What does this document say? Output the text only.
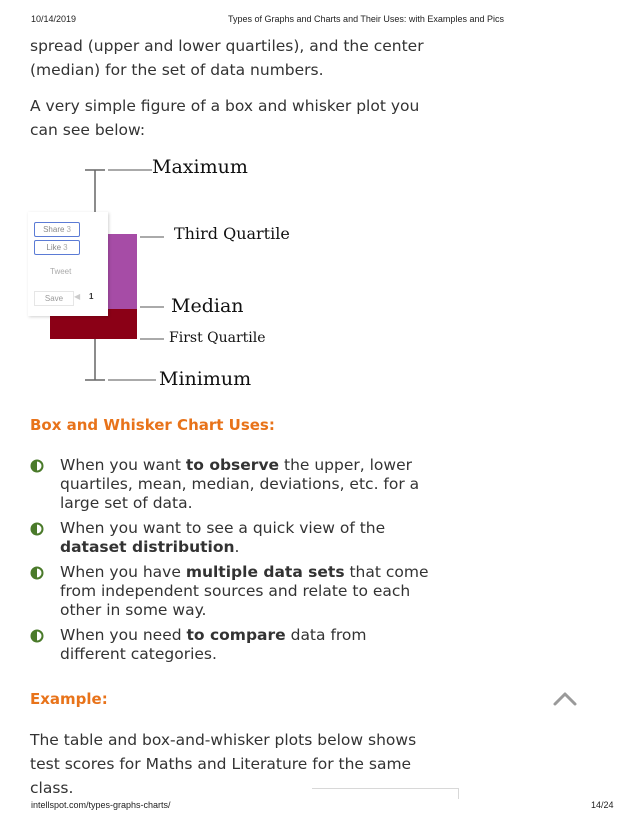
10/14/2019	Types of Graphs and Charts and Their Uses: with Examples and Pics

spread (upper and lower quartiles), and the center (median) for the set of data numbers.

A very simple figure of a box and whisker plot you can see below:

Maximum
Third Quartile
Median
First Quartile
Minimum
Share 3
Like 3
Tweet
Save	◀ 1
Box and Whisker Chart Uses:
When you want to observe the upper, lower quartiles, mean, median, deviations, etc. for a large set of data.
When you want to see a quick view of the dataset distribution.
When you have multiple data sets that come from independent sources and relate to each other in some way.
When you need to compare data from different categories.
Example:

The table and box-and-whisker plots below shows test scores for Maths and Literature for the same class.

intellspot.com/types-graphs-charts/	14/24
